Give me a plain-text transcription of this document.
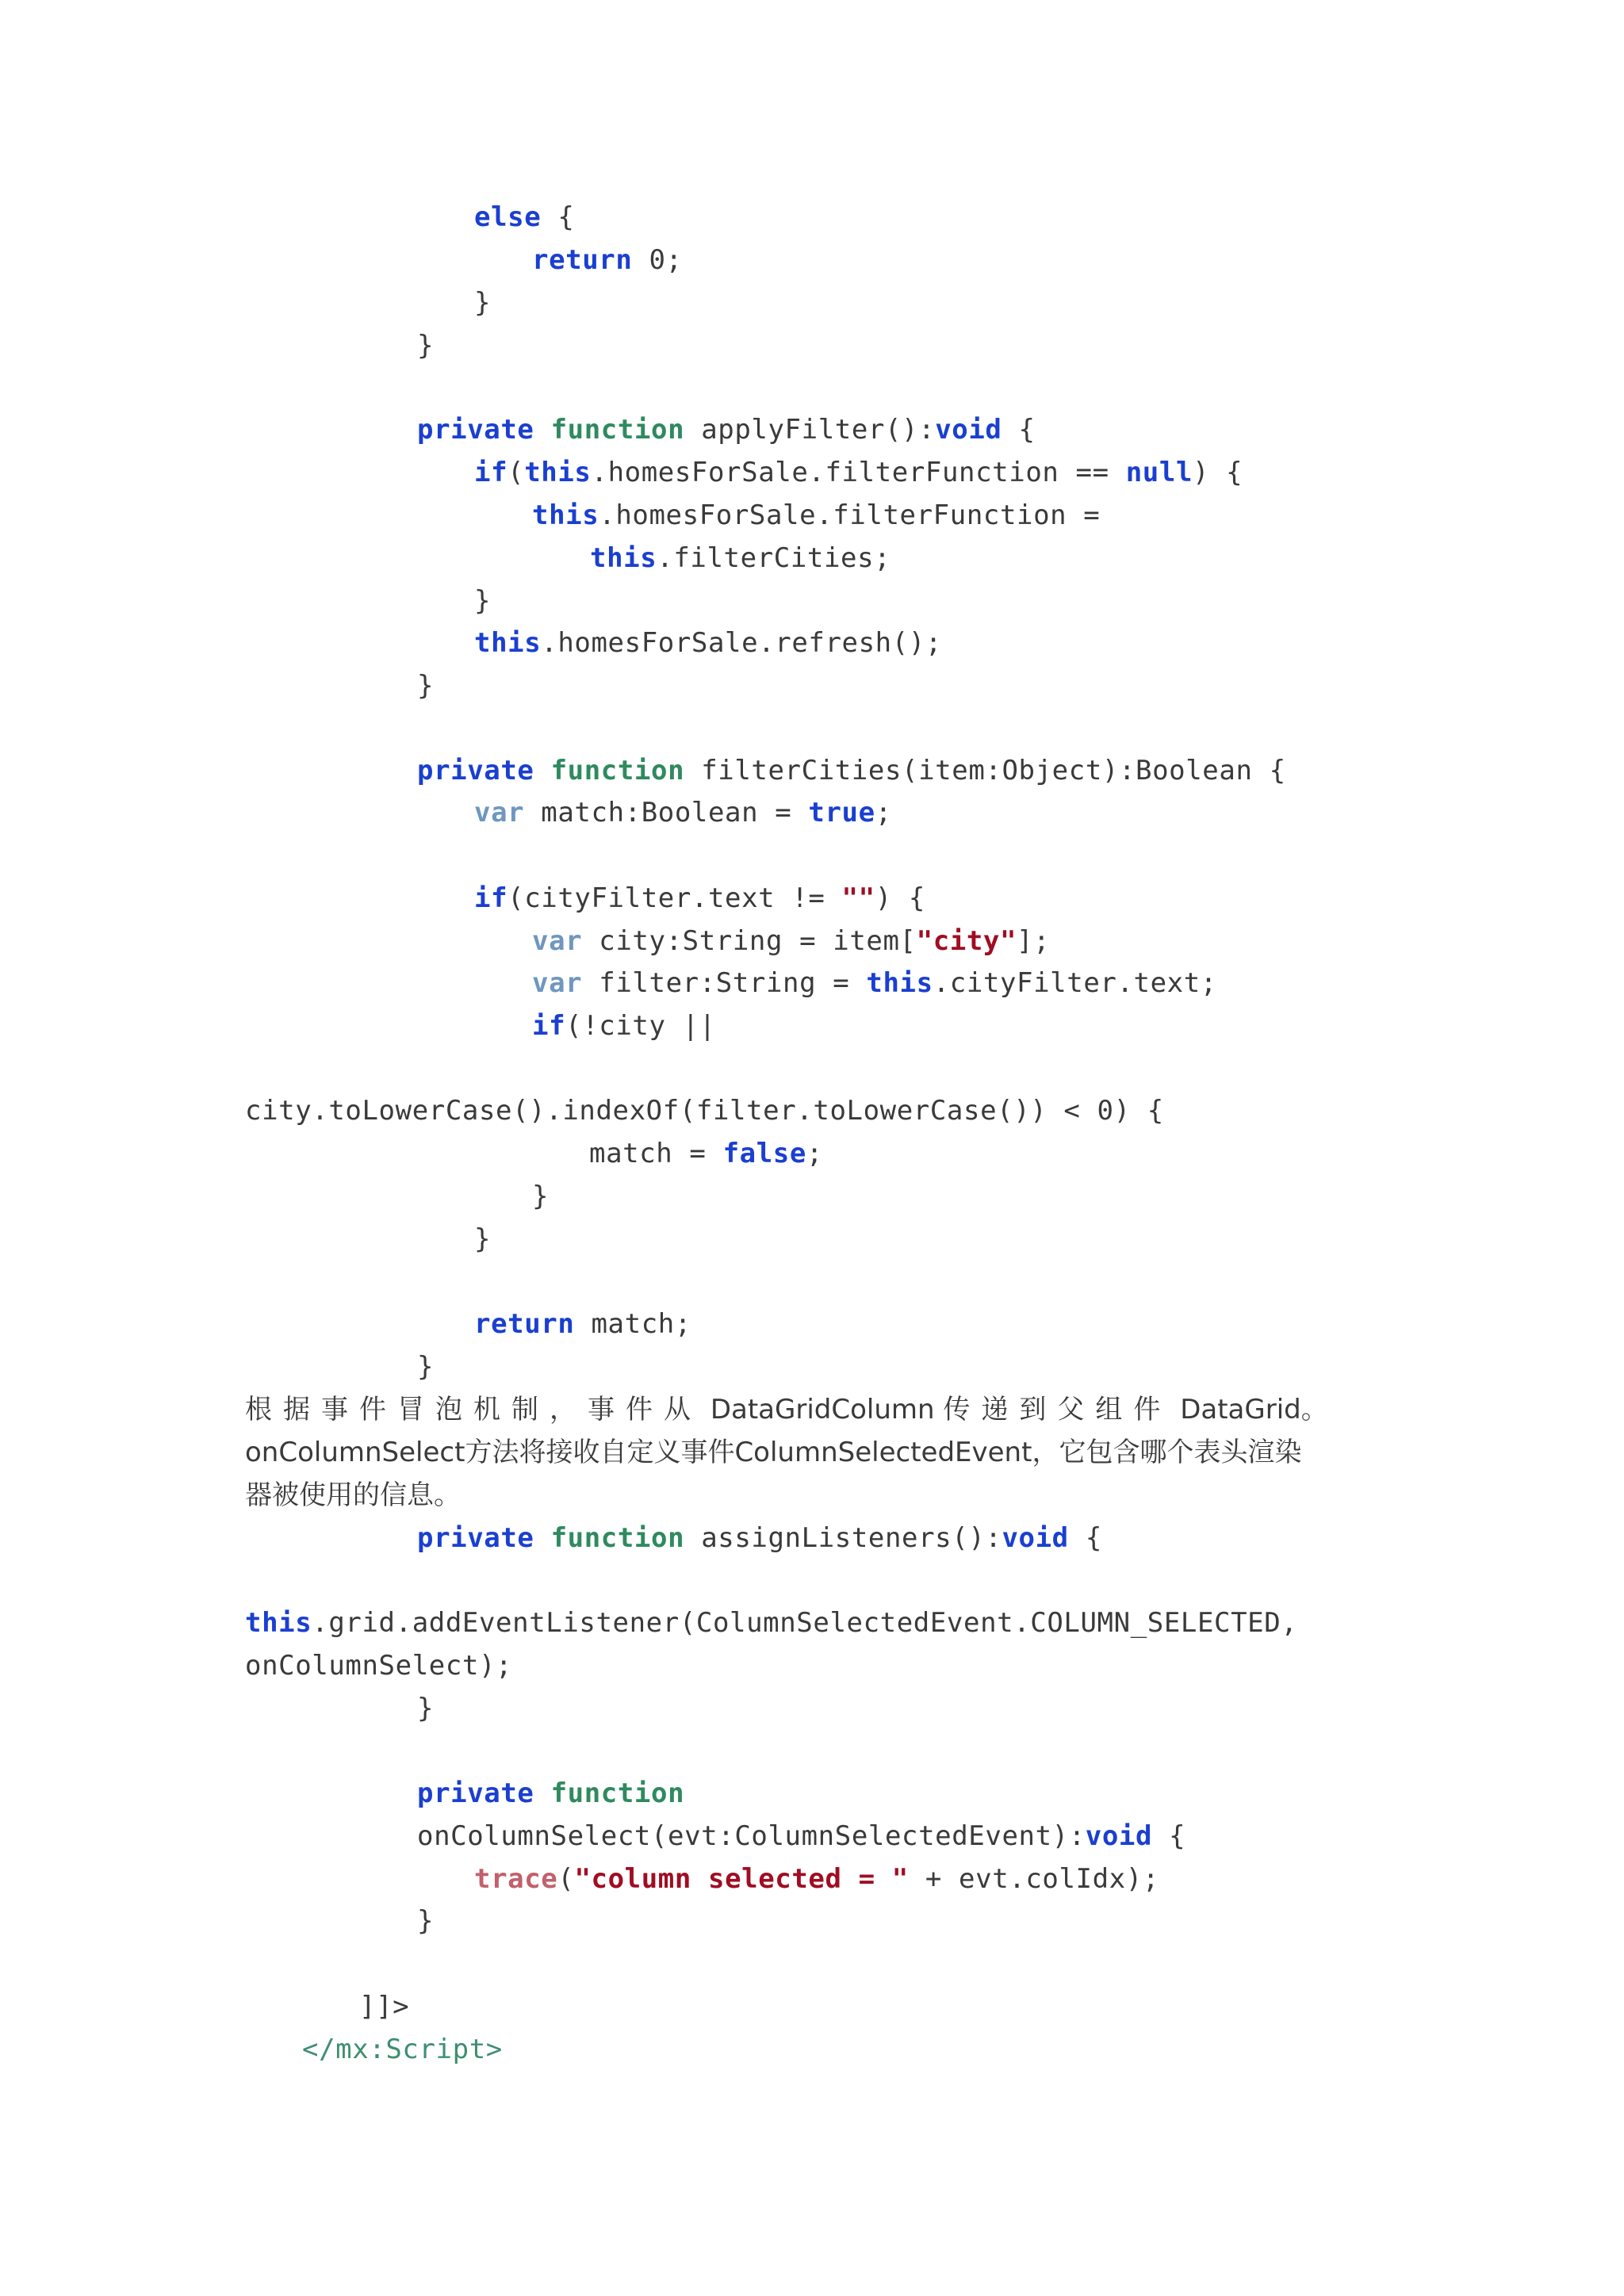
else {
return 0;
}
}
private function applyFilter():void {
if(this.homesForSale.filterFunction == null) {
this.homesForSale.filterFunction =
this.filterCities;
}
this.homesForSale.refresh();
}
private function filterCities(item:Object):Boolean {
var match:Boolean = true;
if(cityFilter.text != "") {
var city:String = item["city"];
var filter:String = this.cityFilter.text;
if(!city ||
city.toLowerCase().indexOf(filter.toLowerCase()) < 0) {
match = false;
}
}
return match;
}
根据事件冒泡机制，事件从 DataGridColumn 传递到父组件 DataGrid。
onColumnSelect方法将接收自定义事件ColumnSelectedEvent，它包含哪个表头渲染
器被使用的信息。
private function assignListeners():void {
this.grid.addEventListener(ColumnSelectedEvent.COLUMN_SELECTED,
onColumnSelect);
}
private function
onColumnSelect(evt:ColumnSelectedEvent):void {
trace("column selected = " + evt.colIdx);
}
]]>
</mx:Script>
